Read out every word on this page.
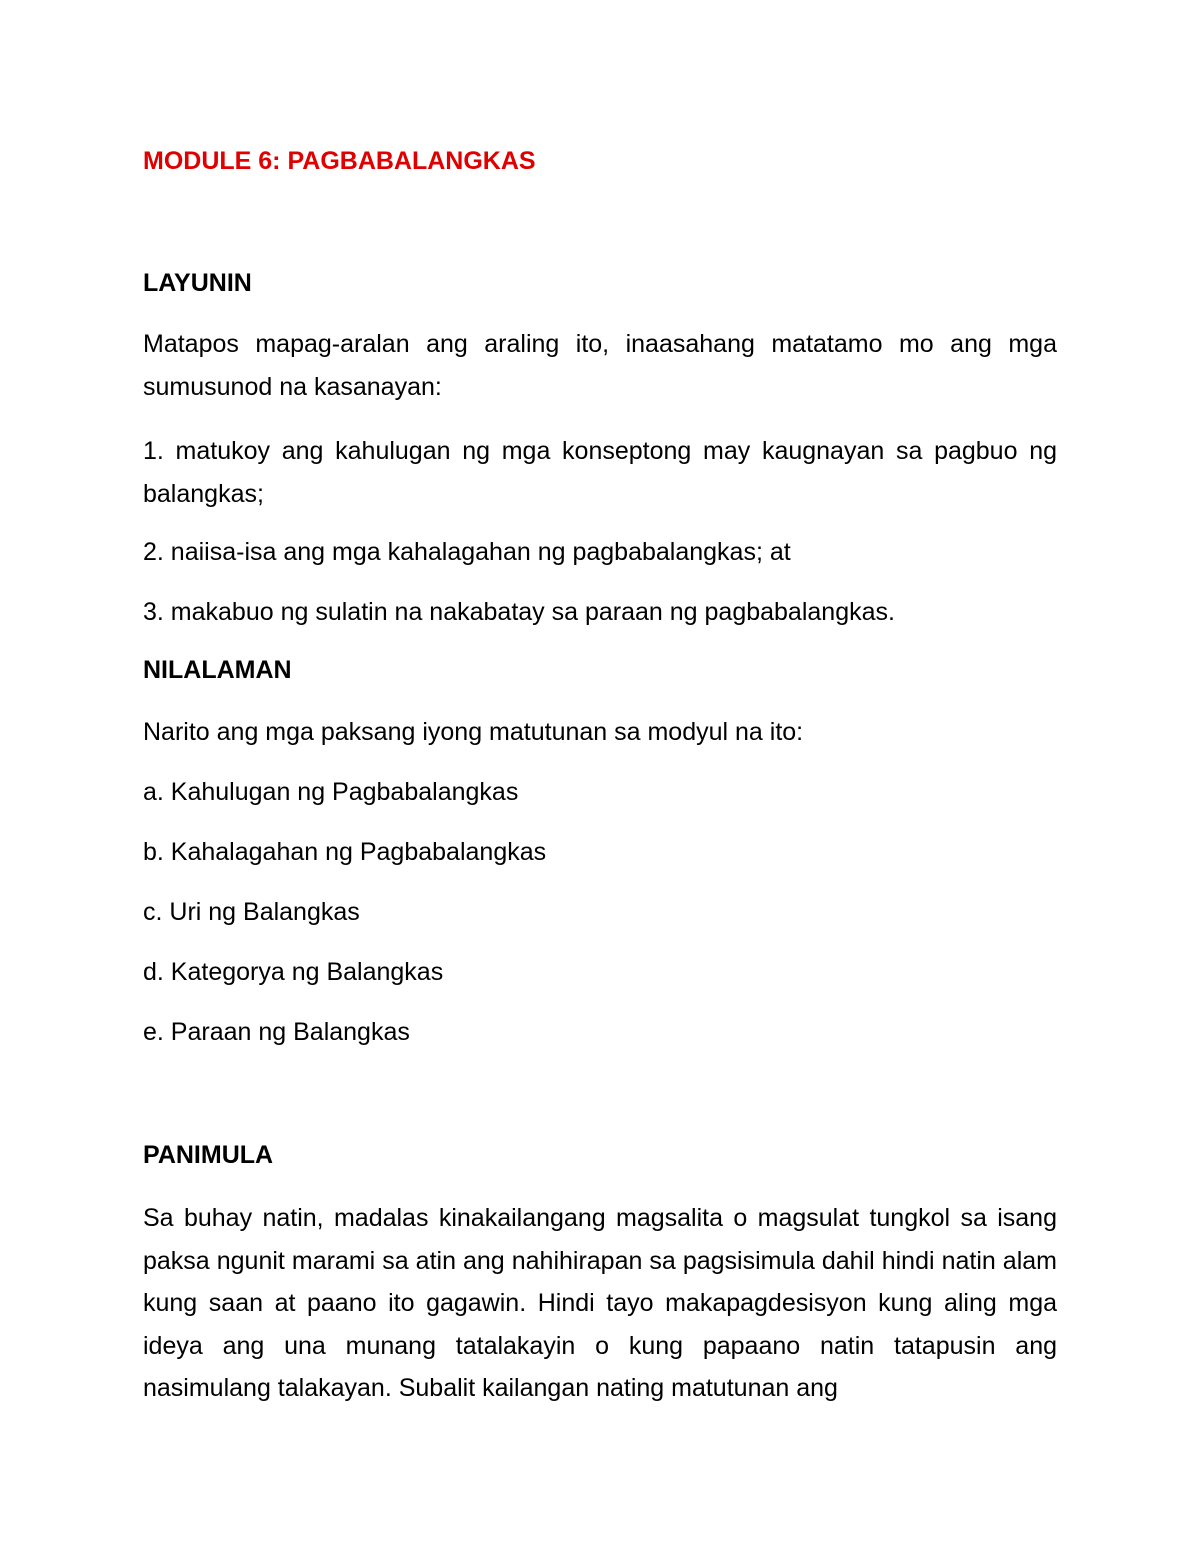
MODULE 6: PAGBABALANGKAS

LAYUNIN

Matapos mapag-aralan ang araling ito, inaasahang matatamo mo ang mga sumusunod na kasanayan:

1. matukoy ang kahulugan ng mga konseptong may kaugnayan sa pagbuo ng balangkas;

2. naiisa-isa ang mga kahalagahan ng pagbabalangkas; at

3. makabuo ng sulatin na nakabatay sa paraan ng pagbabalangkas.

NILALAMAN

Narito ang mga paksang iyong matutunan sa modyul na ito:

a. Kahulugan ng Pagbabalangkas

b. Kahalagahan ng Pagbabalangkas

c. Uri ng Balangkas

d. Kategorya ng Balangkas

e. Paraan ng Balangkas

PANIMULA

Sa buhay natin, madalas kinakailangang magsalita o magsulat tungkol sa isang paksa ngunit marami sa atin ang nahihirapan sa pagsisimula dahil hindi natin alam kung saan at paano ito gagawin. Hindi tayo makapagdesisyon kung aling mga ideya ang una munang tatalakayin o kung papaano natin tatapusin ang nasimulang talakayan. Subalit kailangan nating matutunan ang
